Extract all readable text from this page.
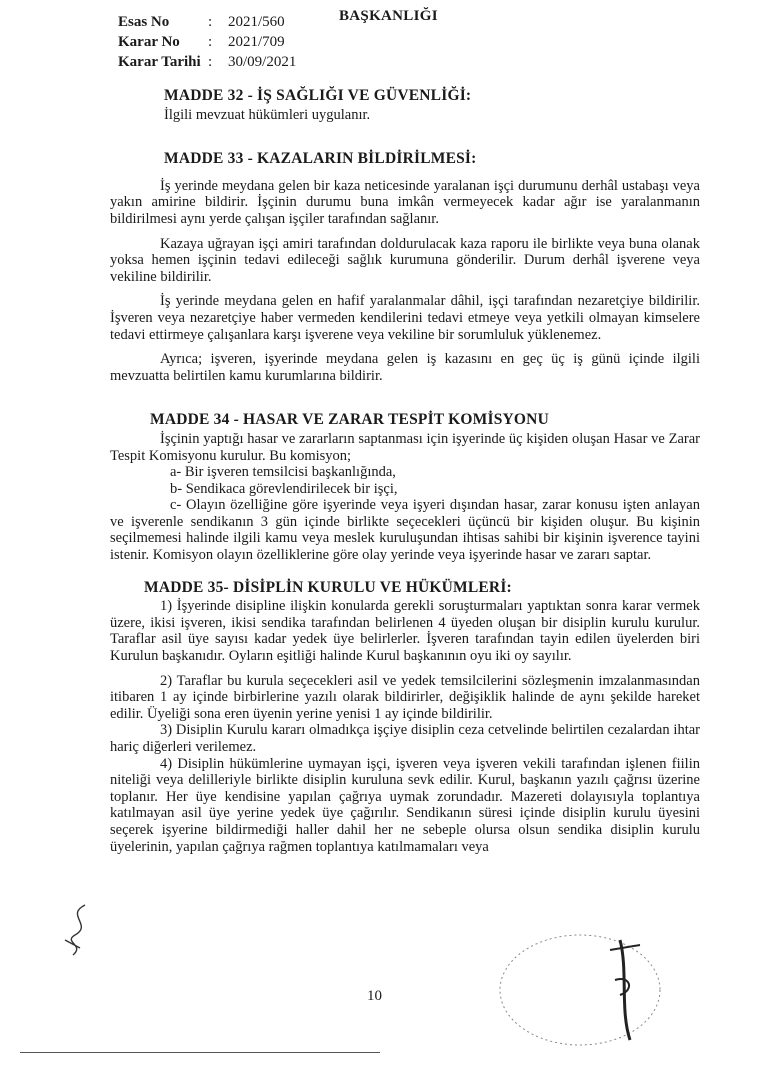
BAŞKANLIĞI
Esas No	:	2021/560
Karar No	:	2021/709
Karar Tarihi :	30/09/2021
MADDE 32 - İŞ SAĞLIĞI VE GÜVENLİĞİ:

İlgili mevzuat hükümleri uygulanır.

MADDE 33 - KAZALARIN BİLDİRİLMESİ:

İş yerinde meydana gelen bir kaza neticesinde yaralanan işçi durumunu derhâl ustabaşı veya yakın amirine bildirir. İşçinin durumu buna imkân vermeyecek kadar ağır ise yaralanmanın bildirilmesi aynı yerde çalışan işçiler tarafından sağlanır.

Kazaya uğrayan işçi amiri tarafından doldurulacak kaza raporu ile birlikte veya buna olanak yoksa hemen işçinin tedavi edileceği sağlık kurumuna gönderilir. Durum derhâl işverene veya vekiline bildirilir.

İş yerinde meydana gelen en hafif yaralanmalar dâhil, işçi tarafından nezaretçiye bildirilir. İşveren veya nezaretçiye haber vermeden kendilerini tedavi etmeye veya yetkili olmayan kimselere tedavi ettirmeye çalışanlara karşı işverene veya vekiline bir sorumluluk yüklenemez.

Ayrıca; işveren, işyerinde meydana gelen iş kazasını en geç üç iş günü içinde ilgili mevzuatta belirtilen kamu kurumlarına bildirir.

MADDE 34 - HASAR VE ZARAR TESPİT KOMİSYONU

İşçinin yaptığı hasar ve zararların saptanması için işyerinde üç kişiden oluşan Hasar ve Zarar Tespit Komisyonu kurulur. Bu komisyon;

a- Bir işveren temsilcisi başkanlığında,

b- Sendikaca görevlendirilecek bir işçi,

c- Olayın özelliğine göre işyerinde veya işyeri dışından hasar, zarar konusu işten anlayan ve işverenle sendikanın 3 gün içinde birlikte seçecekleri üçüncü bir kişiden oluşur. Bu kişinin seçilmemesi halinde ilgili kamu veya meslek kuruluşundan ihtisas sahibi bir kişinin işverence tayini istenir. Komisyon olayın özelliklerine göre olay yerinde veya işyerinde hasar ve zararı saptar.

MADDE 35- DİSİPLİN KURULU VE HÜKÜMLERİ:

1) İşyerinde disipline ilişkin konularda gerekli soruşturmaları yaptıktan sonra karar vermek üzere, ikisi işveren, ikisi sendika tarafından belirlenen 4 üyeden oluşan bir disiplin kurulu kurulur. Taraflar asil üye sayısı kadar yedek üye belirlerler. İşveren tarafından tayin edilen üyelerden biri Kurulun başkanıdır. Oyların eşitliği halinde Kurul başkanının oyu iki oy sayılır.

2) Taraflar bu kurula seçecekleri asil ve yedek temsilcilerini sözleşmenin imzalanmasından itibaren 1 ay içinde birbirlerine yazılı olarak bildirirler, değişiklik halinde de aynı şekilde hareket edilir. Üyeliği sona eren üyenin yerine yenisi 1 ay içinde bildirilir.

3) Disiplin Kurulu kararı olmadıkça işçiye disiplin ceza cetvelinde belirtilen cezalardan ihtar hariç diğerleri verilemez.

4) Disiplin hükümlerine uymayan işçi, işveren veya işveren vekili tarafından işlenen fiilin niteliği veya delilleriyle birlikte disiplin kuruluna sevk edilir. Kurul, başkanın yazılı çağrısı üzerine toplanır. Her üye kendisine yapılan çağrıya uymak zorundadır. Mazereti dolayısıyla toplantıya katılmayan asil üye yerine yedek üye çağırılır. Sendikanın süresi içinde disiplin kurulu üyesini seçerek işyerine bildirmediği haller dahil her ne sebeple olursa olsun sendika disiplin kurulu üyelerinin, yapılan çağrıya rağmen toplantıya katılmamaları veya

10
